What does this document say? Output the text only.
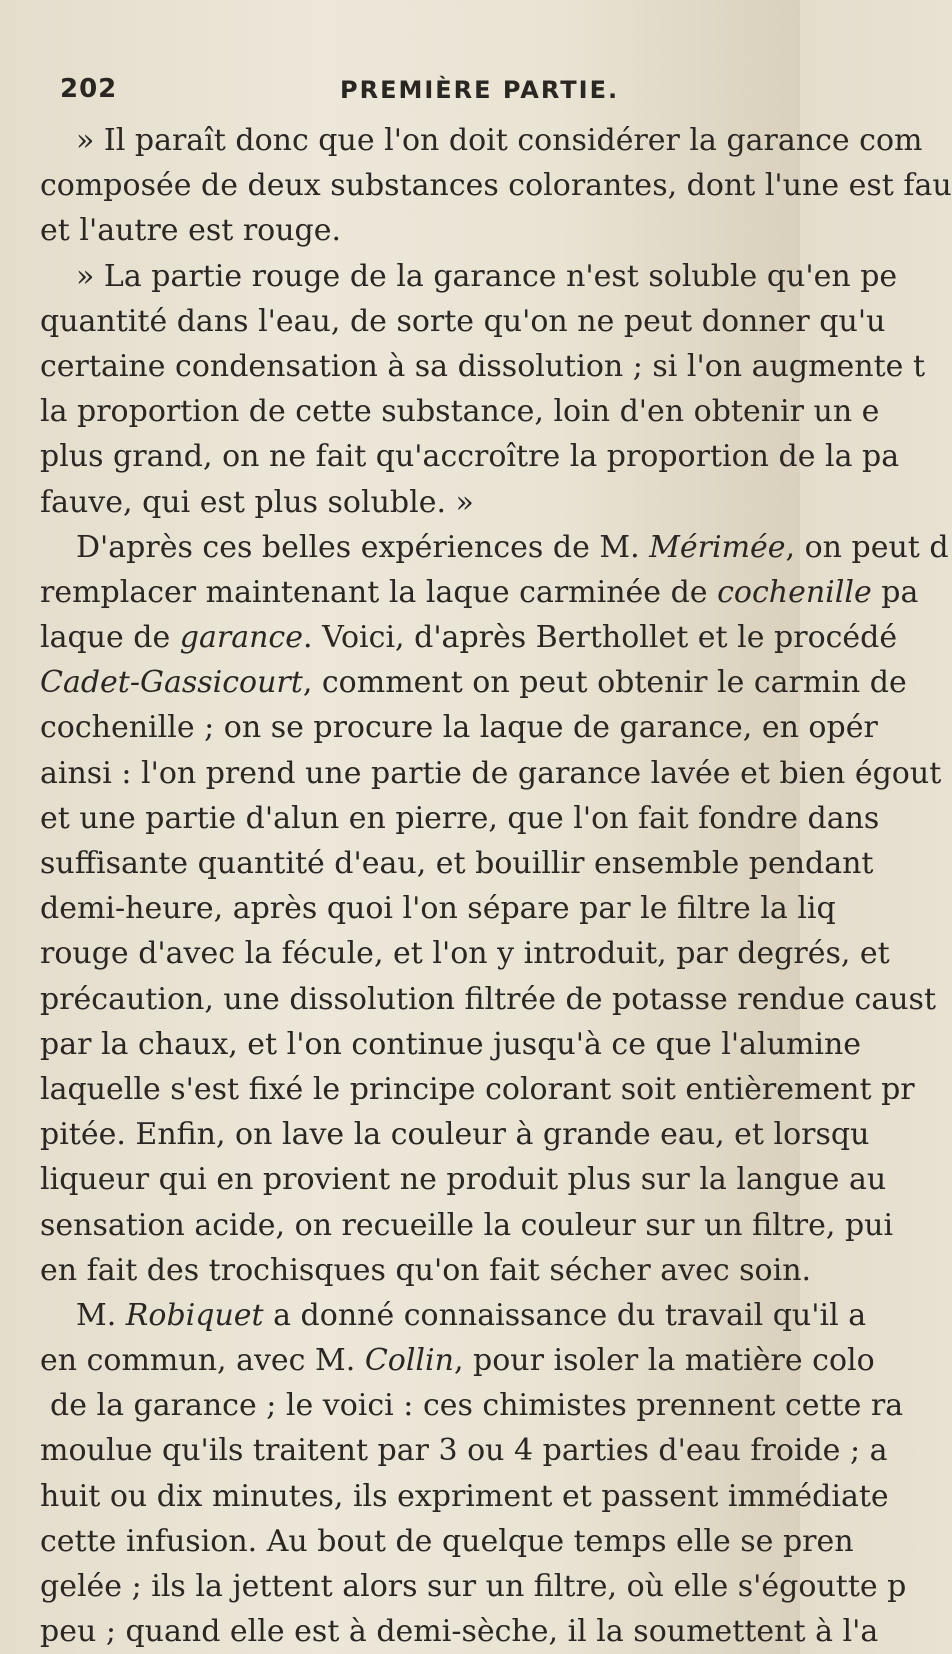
202	PREMIÈRE PARTIE.
» Il paraît donc que l'on doit considérer la garance com
composée de deux substances colorantes, dont l'une est fau
et l'autre est rouge.
» La partie rouge de la garance n'est soluble qu'en pe
quantité dans l'eau, de sorte qu'on ne peut donner qu'u
certaine condensation à sa dissolution ; si l'on augmente t
la proportion de cette substance, loin d'en obtenir un e
plus grand, on ne fait qu'accroître la proportion de la pa
fauve, qui est plus soluble. »
D'après ces belles expériences de M. Mérimée, on peut d
remplacer maintenant la laque carminée de cochenille pa
laque de garance. Voici, d'après Berthollet et le procédé
Cadet-Gassicourt, comment on peut obtenir le carmin de
cochenille ; on se procure la laque de garance, en opér
ainsi : l'on prend une partie de garance lavée et bien égout
et une partie d'alun en pierre, que l'on fait fondre dans
suffisante quantité d'eau, et bouillir ensemble pendant
demi-heure, après quoi l'on sépare par le filtre la liq
rouge d'avec la fécule, et l'on y introduit, par degrés, et
précaution, une dissolution filtrée de potasse rendue caust
par la chaux, et l'on continue jusqu'à ce que l'alumine
laquelle s'est fixé le principe colorant soit entièrement pr
pitée. Enfin, on lave la couleur à grande eau, et lorsqu
liqueur qui en provient ne produit plus sur la langue au
sensation acide, on recueille la couleur sur un filtre, pui
en fait des trochisques qu'on fait sécher avec soin.
M. Robiquet a donné connaissance du travail qu'il a
en commun, avec M. Collin, pour isoler la matière colo
de la garance ; le voici : ces chimistes prennent cette ra
moulue qu'ils traitent par 3 ou 4 parties d'eau froide ; a
huit ou dix minutes, ils expriment et passent immédiate
cette infusion. Au bout de quelque temps elle se pren
gelée ; ils la jettent alors sur un filtre, où elle s'égoutte p
peu ; quand elle est à demi-sèche, il la soumettent à l'a
